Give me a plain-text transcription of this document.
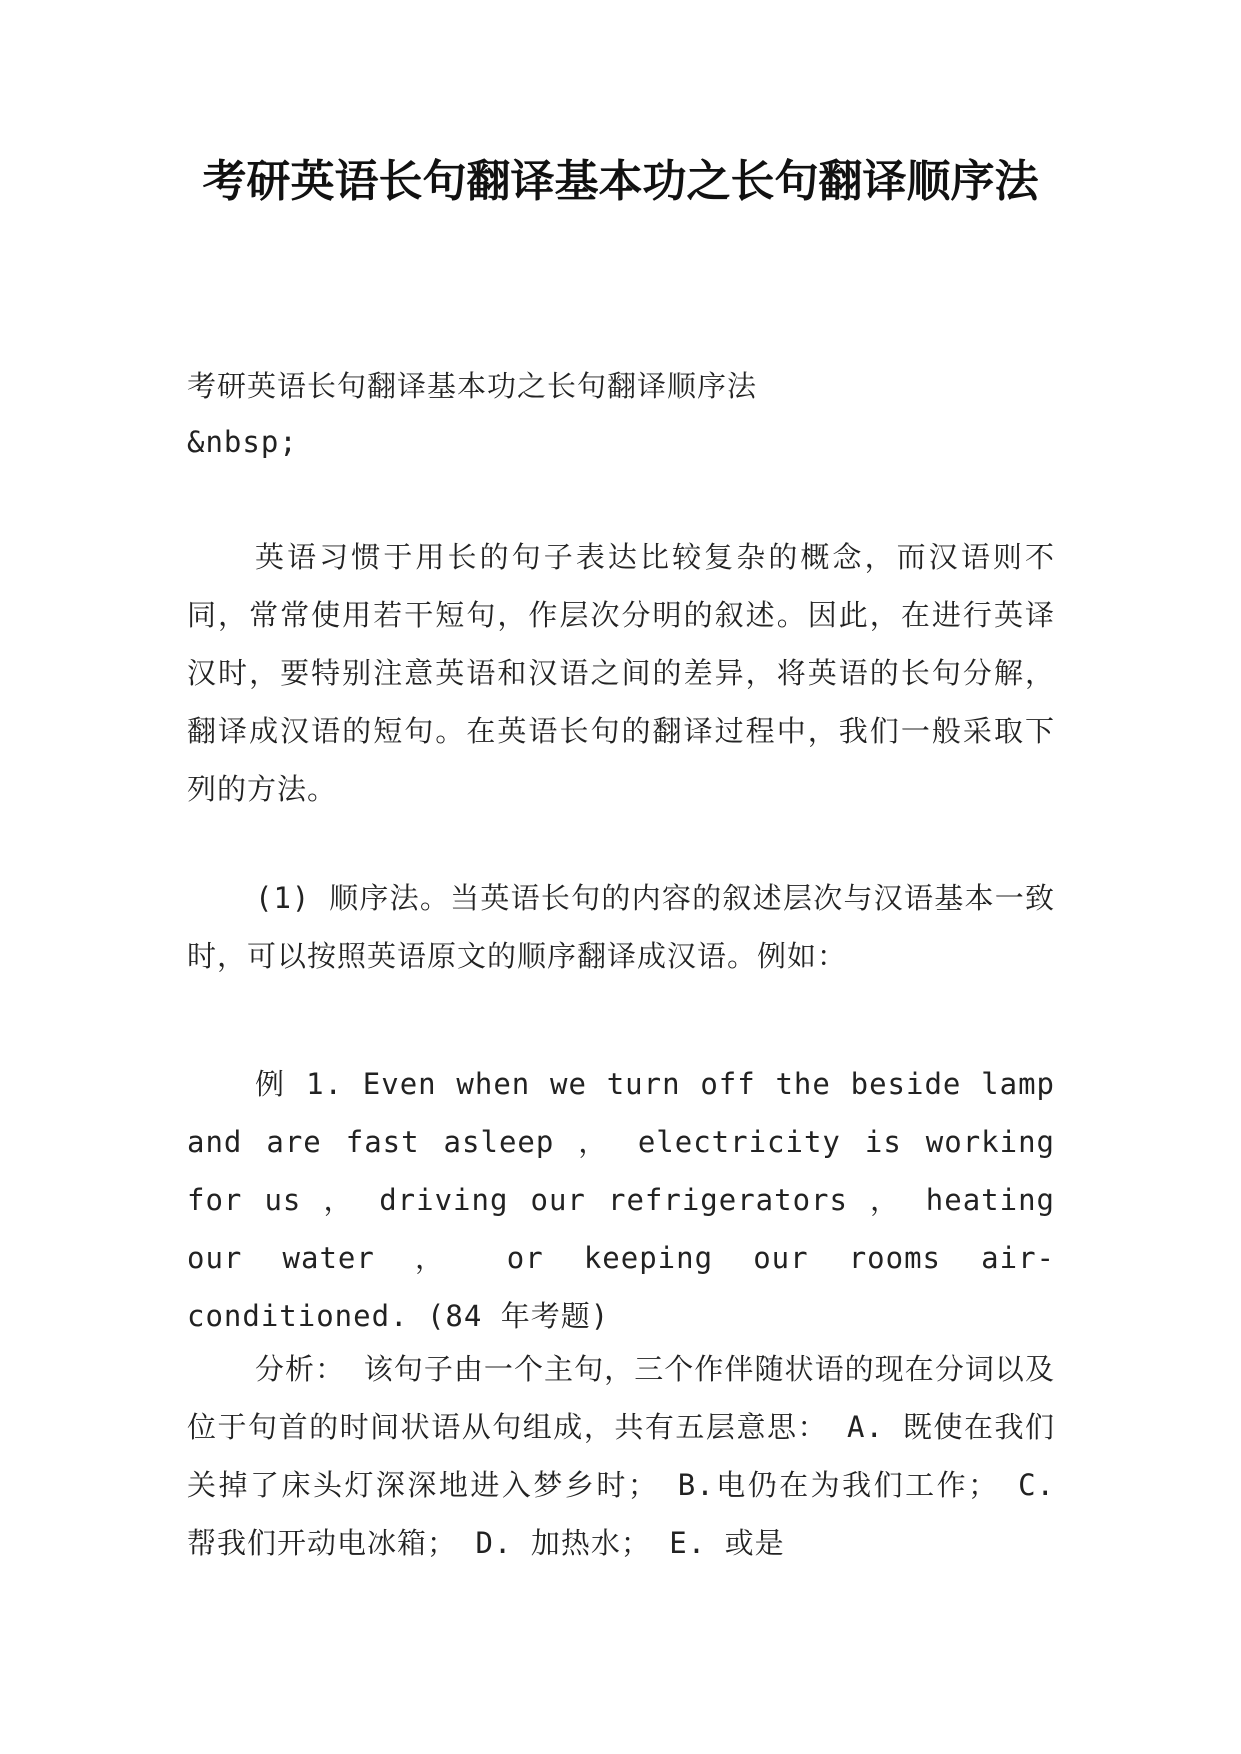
考研英语长句翻译基本功之长句翻译顺序法

考研英语长句翻译基本功之长句翻译顺序法

&nbsp;

英语习惯于用长的句子表达比较复杂的概念，而汉语则不同，常常使用若干短句，作层次分明的叙述。因此，在进行英译汉时，要特别注意英语和汉语之间的差异，将英语的长句分解，翻译成汉语的短句。在英语长句的翻译过程中，我们一般采取下列的方法。

(1) 顺序法。当英语长句的内容的叙述层次与汉语基本一致时，可以按照英语原文的顺序翻译成汉语。例如：

例 1. Even when we turn off the beside lamp and are fast asleep ， electricity is working for us ， driving our refrigerators ， heating our water ， or keeping our rooms air-conditioned. (84 年考题)

分析： 该句子由一个主句，三个作伴随状语的现在分词以及位于句首的时间状语从句组成，共有五层意思： A. 既使在我们关掉了床头灯深深地进入梦乡时； B.电仍在为我们工作； C. 帮我们开动电冰箱； D. 加热水； E. 或是
